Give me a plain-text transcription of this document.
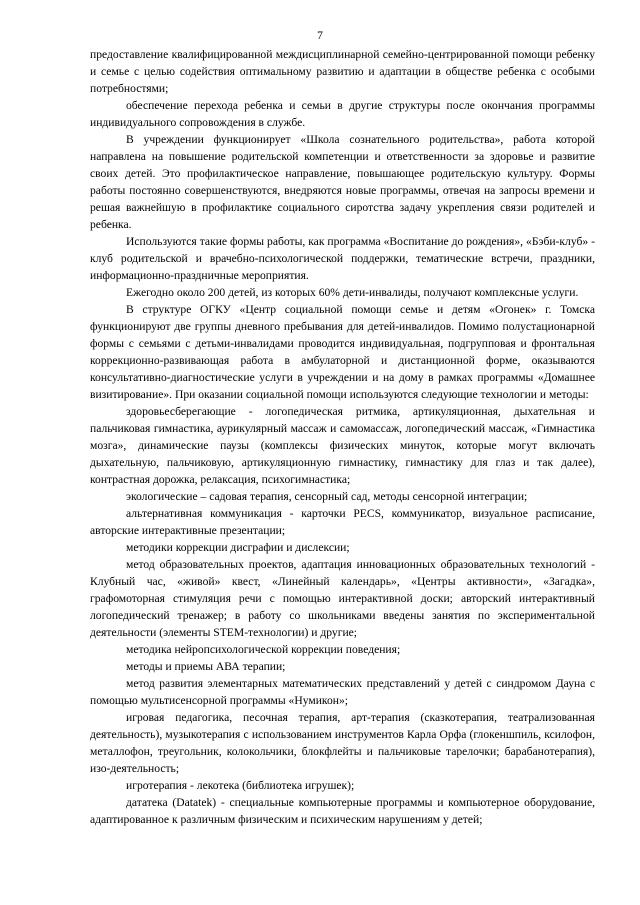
7

предоставление квалифицированной междисциплинарной семейно-центрированной помощи ребенку и семье с целью содействия оптимальному развитию и адаптации в обществе ребенка с особыми потребностями;

обеспечение перехода ребенка и семьи в другие структуры после окончания программы индивидуального сопровождения в службе.

В учреждении функционирует «Школа сознательного родительства», работа которой направлена на повышение родительской компетенции и ответственности за здоровье и развитие своих детей. Это профилактическое направление, повышающее родительскую культуру. Формы работы постоянно совершенствуются, внедряются новые программы, отвечая на запросы времени и решая важнейшую в профилактике социального сиротства задачу укрепления связи родителей и ребенка.

Используются такие формы работы, как программа «Воспитание до рождения», «Бэби-клуб» - клуб родительской и врачебно-психологической поддержки, тематические встречи, праздники, информационно-праздничные мероприятия.

Ежегодно около 200 детей, из которых 60% дети-инвалиды, получают комплексные услуги.

В структуре ОГКУ «Центр социальной помощи семье и детям «Огонек» г. Томска функционируют две группы дневного пребывания для детей-инвалидов. Помимо полустационарной формы с семьями с детьми-инвалидами проводится индивидуальная, подгрупповая и фронтальная коррекционно-развивающая работа в амбулаторной и дистанционной форме, оказываются консультативно-диагностические услуги в учреждении и на дому в рамках программы «Домашнее визитирование». При оказании социальной помощи используются следующие технологии и методы:

здоровьесберегающие - логопедическая ритмика, артикуляционная, дыхательная и пальчиковая гимнастика, аурикулярный массаж и самомассаж, логопедический массаж, «Гимнастика мозга», динамические паузы (комплексы физических минуток, которые могут включать дыхательную, пальчиковую, артикуляционную гимнастику, гимнастику для глаз и так далее), контрастная дорожка, релаксация, психогимнастика;

экологические – садовая терапия, сенсорный сад, методы сенсорной интеграции;

альтернативная коммуникация - карточки PECS, коммуникатор, визуальное расписание, авторские интерактивные презентации;

методики коррекции дисграфии и дислексии;

метод образовательных проектов, адаптация инновационных образовательных технологий - Клубный час, «живой» квест, «Линейный календарь», «Центры активности», «Загадка», графомоторная стимуляция речи с помощью интерактивной доски; авторский интерактивный логопедический тренажер; в работу со школьниками введены занятия по экспериментальной деятельности (элементы STEM-технологии) и другие;

методика нейропсихологической коррекции поведения;

методы и приемы АВА терапии;

метод развития элементарных математических представлений у детей с синдромом Дауна с помощью мультисенсорной программы «Нумикон»;

игровая педагогика, песочная терапия, арт-терапия (сказкотерапия, театрализованная деятельность), музыкотерапия с использованием инструментов Карла Орфа (глокеншпиль, ксилофон, металлофон, треугольник, колокольчики, блокфлейты и пальчиковые тарелочки; барабанотерапия), изо-деятельность;

игротерапия - лекотека (библиотека игрушек);

дататека (Datatek) - специальные компьютерные программы и компьютерное оборудование, адаптированное к различным физическим и психическим нарушениям у детей;
